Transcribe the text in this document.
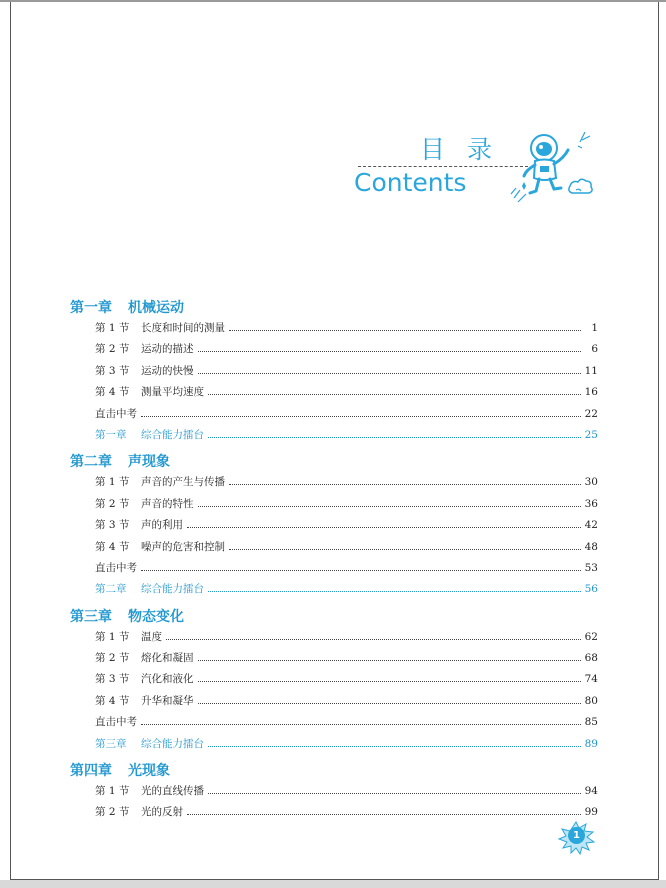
目 录
Contents
第一章 机械运动
第 1 节	长度和时间的测量	1
第 2 节	运动的描述	6
第 3 节	运动的快慢	11
第 4 节	测量平均速度	16
直击中考	22
第一章	综合能力擂台	25
第二章 声现象
第 1 节	声音的产生与传播	30
第 2 节	声音的特性	36
第 3 节	声的利用	42
第 4 节	噪声的危害和控制	48
直击中考	53
第二章	综合能力擂台	56
第三章 物态变化
第 1 节	温度	62
第 2 节	熔化和凝固	68
第 3 节	汽化和液化	74
第 4 节	升华和凝华	80
直击中考	85
第三章	综合能力擂台	89
第四章 光现象
第 1 节	光的直线传播	94
第 2 节	光的反射	99
1
